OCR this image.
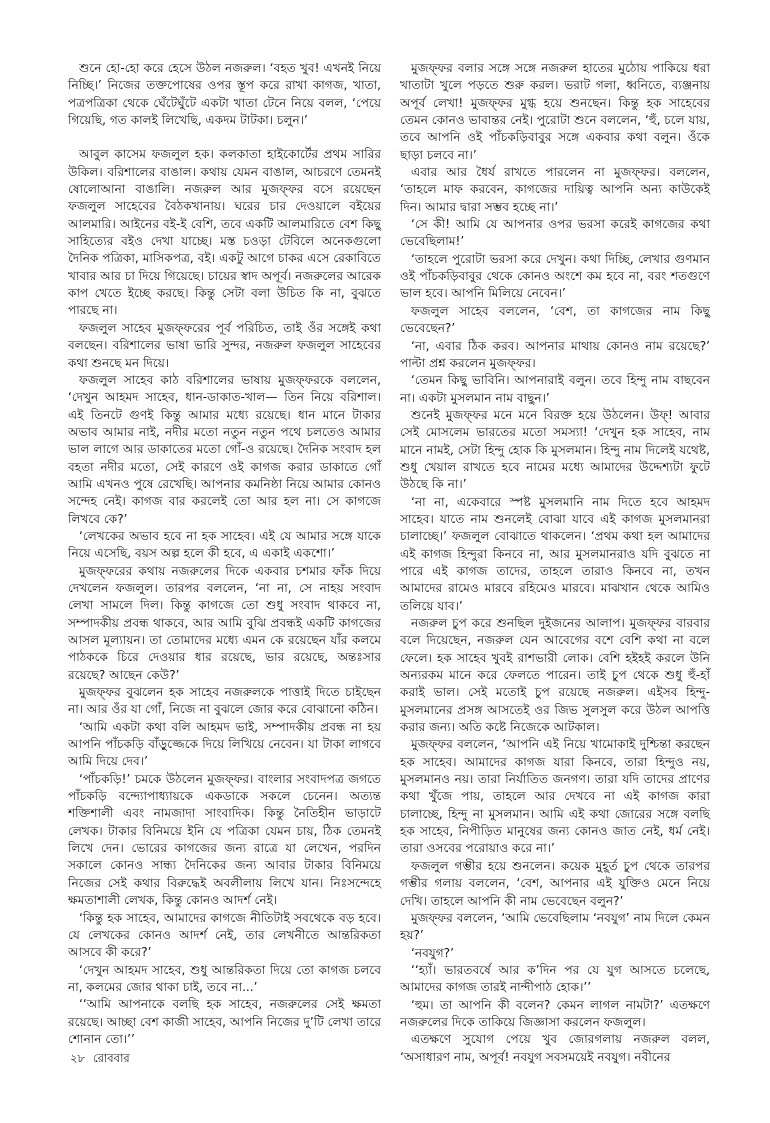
শুনে হো-হো করে হেসে উঠল নজরুল। ‘বহত খুব! এখনই নিয়ে নিচ্ছি।’ নিজের তক্তপোষের ওপর স্তূপ করে রাখা কাগজ, খাতা, পত্রপত্রিকা থেকে ঘেঁটেঘুঁটে একটা খাতা টেনে নিয়ে বলল, ‘পেয়ে গিয়েছি, গত কালই লিখেছি, একদম টাটকা। চলুন।’

আবুল কাসেম ফজলুল হক। কলকাতা হাইকোর্টের প্রথম সারির উকিল। বরিশালের বাঙাল। কথায় যেমন বাঙাল, আচরণে তেমনই ষোলোআনা বাঙালি। নজরুল আর মুজফ্ফর বসে রয়েছেন ফজলুল সাহেবের বৈঠকখানায়। ঘরের চার দেওয়ালে বইয়ের আলমারি। আইনের বই-ই বেশি, তবে একটি আলমারিতে বেশ কিছু সাহিত্যের বইও দেখা যাচ্ছে। মস্ত চওড়া টেবিলে অনেকগুলো দৈনিক পত্রিকা, মাসিকপত্র, বই। একটু আগে চাকর এসে রেকাবিতে খাবার আর চা দিয়ে গিয়েছে। চায়ের স্বাদ অপূর্ব। নজরুলের আরেক কাপ খেতে ইচ্ছে করছে। কিন্তু সেটা বলা উচিত কি না, বুঝতে পারছে না।

ফজলুল সাহেব মুজফ্ফরের পূর্ব পরিচিত, তাই ওঁর সঙ্গেই কথা বলছেন। বরিশালের ভাষা ভারি সুন্দর, নজরুল ফজলুল সাহেবের কথা শুনছে মন দিয়ে।

ফজলুল সাহেব কাঠ বরিশালের ভাষায় মুজফ্ফরকে বললেন, ‘দেখুন আহমদ সাহেব, ধান-ডাকাত-খাল— তিন নিয়ে বরিশাল। এই তিনটে গুণই কিন্তু আমার মধ্যে রয়েছে। ধান মানে টাকার অভাব আমার নাই, নদীর মতো নতুন নতুন পথে চলতেও আমার ভাল লাগে আর ডাকাতের মতো গোঁ-ও রয়েছে। দৈনিক সংবাদ হল বহতা নদীর মতো, সেই কারণে ওই কাগজ করার ডাকাতে গোঁ আমি এখনও পুষে রেখেছি। আপনার কমনিষ্ঠা নিয়ে আমার কোনও সন্দেহ নেই। কাগজ বার করলেই তো আর হল না। সে কাগজে লিখবে কে?’

‘লেখকের অভাব হবে না হক সাহেব। এই যে আমার সঙ্গে যাকে নিয়ে এসেছি, বয়স অল্প হলে কী হবে, এ একাই একশো।’

মুজফ্ফরের কথায় নজরুলের দিকে একবার চশমার ফাঁক দিয়ে দেখলেন ফজলুল। তারপর বললেন, ‘না না, সে নাহয় সংবাদ লেখা সামলে দিল। কিন্তু কাগজে তো শুধু সংবাদ থাকবে না, সম্পাদকীয় প্রবন্ধ থাকবে, আর আমি বুঝি প্রবন্ধই একটি কাগজের আসল মূল্যায়ন। তা তোমাদের মধ্যে এমন কে রয়েছেন যাঁর কলমে পাঠককে চিরে দেওয়ার ধার রয়েছে, ভার রয়েছে, অন্তঃসার রয়েছে? আছেন কেউ?’

মুজফ্ফর বুঝলেন হক সাহেব নজরুলকে পাত্তাই দিতে চাইছেন না। আর ওঁর যা গোঁ, নিজে না বুঝলে জোর করে বোঝানো কঠিন।

‘আমি একটা কথা বলি আহমদ ভাই, সম্পাদকীয় প্রবন্ধ না হয় আপনি পাঁচকড়ি বাঁড়ুজ্জেকে দিয়ে লিখিয়ে নেবেন। যা টাকা লাগবে আমি দিয়ে দেব।’

‘পাঁচকড়ি!’ চমকে উঠলেন মুজফ্ফর। বাংলার সংবাদপত্র জগতে পাঁচকড়ি বন্দ্যোপাধ্যায়কে একডাকে সকলে চেনেন। অত্যন্ত শক্তিশালী এবং নামজাদা সাংবাদিক। কিন্তু নৈতিহীন ভাড়াটে লেখক। টাকার বিনিময়ে ইনি যে পত্রিকা যেমন চায়, ঠিক তেমনই লিখে দেন। ভোরের কাগজের জন্য রাত্রে যা লেখেন, পরদিন সকালে কোনও সান্ধ্য দৈনিকের জন্য আবার টাকার বিনিময়ে নিজের সেই কথার বিরুদ্ধেই অবলীলায় লিখে যান। নিঃসন্দেহে ক্ষমতাশালী লেখক, কিন্তু কোনও আদর্শ নেই।

‘কিন্তু হক সাহেব, আমাদের কাগজে নীতিটাই সবথেকে বড় হবে। যে লেখকের কোনও আদর্শ নেই, তার লেখনীতে আন্তরিকতা আসবে কী করে?’

‘দেখুন আহমদ সাহেব, শুধু আন্তরিকতা দিয়ে তো কাগজ চলবে না, কলমের জোর থাকা চাই, তবে না...’

‘‘আমি আপনাকে বলছি হক সাহেব, নজরুলের সেই ক্ষমতা রয়েছে। আচ্ছা বেশ কাজী সাহেব, আপনি নিজের দু’টি লেখা তারে শোনান তো।’’

মুজফ্ফর বলার সঙ্গে সঙ্গে নজরুল হাতের মুঠোয় পাকিয়ে ধরা খাতাটা খুলে পড়তে শুরু করল। ভরাট গলা, ধ্বনিতে, ব্যঞ্জনায় অপূর্ব লেখা! মুজফ্ফর মুগ্ধ হয়ে শুনছেন। কিন্তু হক সাহেবের তেমন কোনও ভাবান্তর নেই। পুরোটা শুনে বললেন, ‘হুঁ, চলে যায়, তবে আপনি ওই পাঁচকড়িবাবুর সঙ্গে একবার কথা বলুন। ওঁকে ছাড়া চলবে না।’

এবার আর ধৈর্য রাখতে পারলেন না মুজফ্ফর। বললেন, ‘তাহলে মাফ করবেন, কাগজের দায়িত্ব আপনি অন্য কাউকেই দিন। আমার দ্বারা সম্ভব হচ্ছে না।’

‘সে কী! আমি যে আপনার ওপর ভরসা করেই কাগজের কথা ভেবেছিলাম!’

‘তাহলে পুরোটা ভরসা করে দেখুন। কথা দিচ্ছি, লেখার গুণমান ওই পাঁচকড়িবাবুর থেকে কোনও অংশে কম হবে না, বরং শতগুণে ভাল হবে। আপনি মিলিয়ে নেবেন।’

ফজলুল সাহেব বললেন, ‘বেশ, তা কাগজের নাম কিছু ভেবেছেন?’

‘না, এবার ঠিক করব। আপনার মাথায় কোনও নাম রয়েছে?’ পাল্টা প্রশ্ন করলেন মুজফ্ফর।

‘তেমন কিছু ভাবিনি। আপনারাই বলুন। তবে হিন্দু নাম বাছবেন না। একটা মুসলমান নাম বাছুন।’

শুনেই মুজফ্ফর মনে মনে বিরক্ত হয়ে উঠলেন। উফ্! আবার সেই মোসলেম ভারতের মতো সমস্যা! ‘দেখুন হক সাহেব, নাম মানে নামই, সেটা হিন্দু হোক কি মুসলমান। হিন্দু নাম দিলেই যথেষ্ট, শুধু খেয়াল রাখতে হবে নামের মধ্যে আমাদের উদ্দেশ্যটা ফুটে উঠছে কি না।’

‘না না, একেবারে স্পষ্ট মুসলমানি নাম দিতে হবে আহমদ সাহেব। যাতে নাম শুনলেই বোঝা যাবে এই কাগজ মুসলমানরা চালাচ্ছে।’ ফজলুল বোঝাতে থাকলেন। ‘প্রথম কথা হল আমাদের এই কাগজ হিন্দুরা কিনবে না, আর মুসলমানরাও যদি বুঝতে না পারে এই কাগজ তাদের, তাহলে তারাও কিনবে না, তখন আমাদের রামেও মারবে রহিমেও মারবে। মাঝখান থেকে আমিও তলিয়ে যাব।’

নজরুল চুপ করে শুনছিল দুইজনের আলাপ। মুজফ্ফর বারবার বলে দিয়েছেন, নজরুল যেন আবেগের বশে বেশি কথা না বলে ফেলে। হক সাহেব খুবই রাশভারী লোক। বেশি হইহই করলে উনি অন্যরকম মানে করে ফেলতে পারেন। তাই চুপ থেকে শুধু হুঁ-হাঁ করাই ভাল। সেই মতোই চুপ রয়েছে নজরুল। এইসব হিন্দু-মুসলমানের প্রসঙ্গ আসতেই ওর জিভ সুলসুল করে উঠল আপত্তি করার জন্য। অতি কষ্টে নিজেকে আটকাল।

মুজফ্ফর বললেন, ‘আপনি এই নিয়ে খামোকাই দুশ্চিন্তা করছেন হক সাহেব। আমাদের কাগজ যারা কিনবে, তারা হিন্দুও নয়, মুসলমানও নয়। তারা নির্যাতিত জনগণ। তারা যদি তাদের প্রাণের কথা খুঁজে পায়, তাহলে আর দেখবে না এই কাগজ কারা চালাচ্ছে, হিন্দু না মুসলমান। আমি এই কথা জোরের সঙ্গে বলছি হক সাহেব, নিপীড়িত মানুষের জন্য কোনও জাত নেই, ধর্ম নেই। তারা ওসবের পরোয়াও করে না।’

ফজলুল গম্ভীর হয়ে শুনলেন। কয়েক মুহূর্ত চুপ থেকে তারপর গম্ভীর গলায় বললেন, ‘বেশ, আপনার এই যুক্তিও মেনে নিয়ে দেখি। তাহলে আপনি কী নাম ভেবেছেন বলুন?’

মুজফ্ফর বললেন, ‘আমি ভেবেছিলাম ‘নবযুগ’ নাম দিলে কেমন হয়?’

‘নবযুগ?’

‘‘হ্যাঁ। ভারতবর্ষে আর ক’দিন পর যে যুগ আসতে চলেছে, আমাদের কাগজ তারই নান্দীপাঠ হোক।’’

‘হুম। তা আপনি কী বলেন? কেমন লাগল নামটা?’ এতক্ষণে নজরুলের দিকে তাকিয়ে জিজ্ঞাসা করলেন ফজলুল।

এতক্ষণে সুযোগ পেয়ে খুব জোরগলায় নজরুল বলল, ‘অসাধারণ নাম, অপূর্ব! নবযুগ সবসময়েই নবযুগ। নবীনের

২৮ রোববার
